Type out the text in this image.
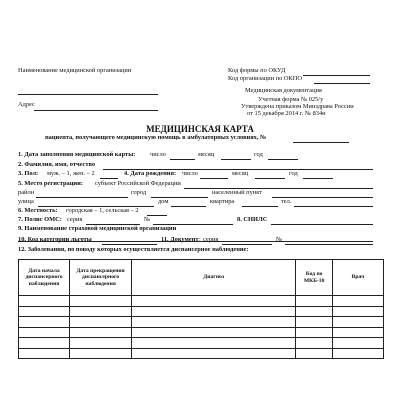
Наименование медицинской организации
Адрес
Код формы по ОКУД
Код организации по ОКПО
Медицинская документация
Учетная форма № 025/у
Утверждена приказом Минздрава России
от 15 декабря 2014 г. № 834н
МЕДИЦИНСКАЯ КАРТА
пациента, получающего медицинскую помощь в амбулаторных условиях, №
1. Дата заполнения медицинской карты: число	месяц	год
2. Фамилия, имя, отчество
3. Пол: муж. – 1, жен. – 2	4. Дата рождения: число	месяц	год
5. Место регистрации: субъект Российской Федерации
район	город	населенный пункт
улица	дом	квартира	тел.
6. Местность: городская – 1, сельская – 2
7. Полис ОМС: серия	№	8. СНИЛС
9. Наименование страховой медицинской организации
10. Код категории льготы	11. Документ серия
:	№
12. Заболевания, по поводу которых осуществляется диспансерное наблюдение:
Дата начала диспансерного наблюдения	Дата прекращения диспансерного наблюдения	Диагноз	Код по МКБ-10	Врач
